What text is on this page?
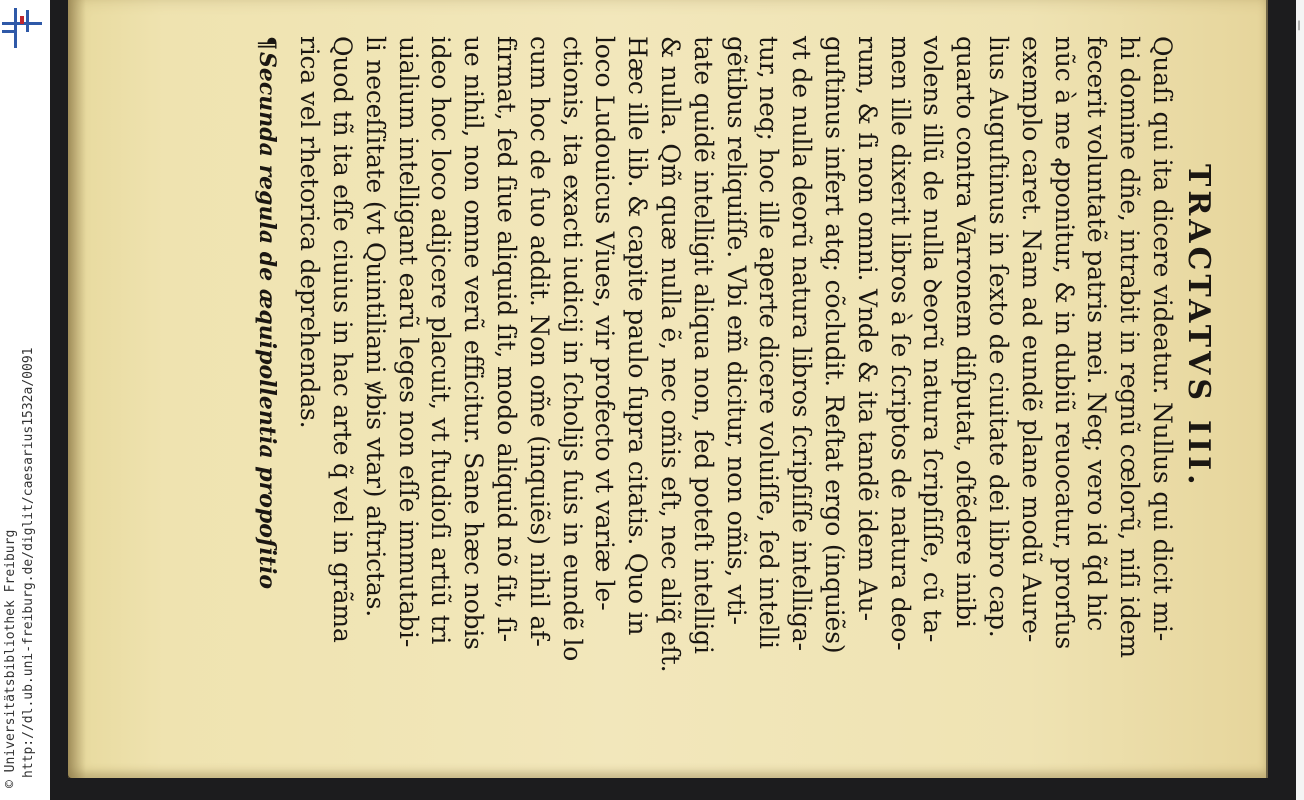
© Universitätsbibliothek Freiburg http://dl.ub.uni-freiburg.de/diglit/caesarius1532a/0091
|
TRACTATVSIII.
Quaſi qui ita dicere videatur. Nullus qui dicit mi-
hi domine dñe, intrabit in regnũ cœlorũ, niſi idem
fecerit voluntatẽ patris mei. Neq; vero id q̃d hic
nũc à me ꝓponitur, & in dubiũ reuocatur, prorſus
exemplo caret. Nam ad eundẽ plane modũ Aure-
lius Auguſtinus in ſexto de ciuitate dei libro cap.
quarto contra Varronem diſputat, oſtẽdere inibi
volens illũ de nulla ꝺeorũ natura ſcripſiſſe, cũ ta-
men ille dixerit libros à ſe ſcriptos de natura deo-
rum, & ſi non omni. Vnde & ita tandẽ idem Au-
guſtinus infert atq; cõcludit. Reſtat ergo (inquiẽs)
vt de nulla deorũ natura libros ſcripſiſſe intelliga-
tur, neq; hoc ille aperte dicere voluiſſe, ſed intelli
gẽtibus reliquiſſe. Vbi em̃ dicitur, non om̃is, vti-
tate quidẽ intelligit aliqua non, ſed poteſt intelligi
& nulla. Qm̃ quæ nulla ẽ, nec om̃is eſt, nec aliq̃ eſt.
Hæc ille lib. & capite paulo ſupra citatis. Quo in
loco Ludouicus Viues, vir profecto vt variæ le-
ctionis, ita exacti iudicij in ſcholijs ſuis in eundẽ lo
cum hoc de ſuo addit. Non om̃e (inquiẽs) nihil af-
firmat, ſed ſiue aliquid ſit, modo aliquid nõ ſit, ſi-
ue nihil, non omne verũ efficitur. Sane hæc nobis
ideo hoc loco adijcere placuit, vt ſtudioſi artiũ tri
uialium intelligant earũ leges non eſſe immutabi-
li neceſſitate (vt Quintiliani ꝟbis vtar) aſtrictas.
Quod tñ ita eſſe ciuius in hac arte q̃ vel in grãma
rica vel rhetorica deprehendas.
¶Secunda regula de æquipollentia propoſitio
